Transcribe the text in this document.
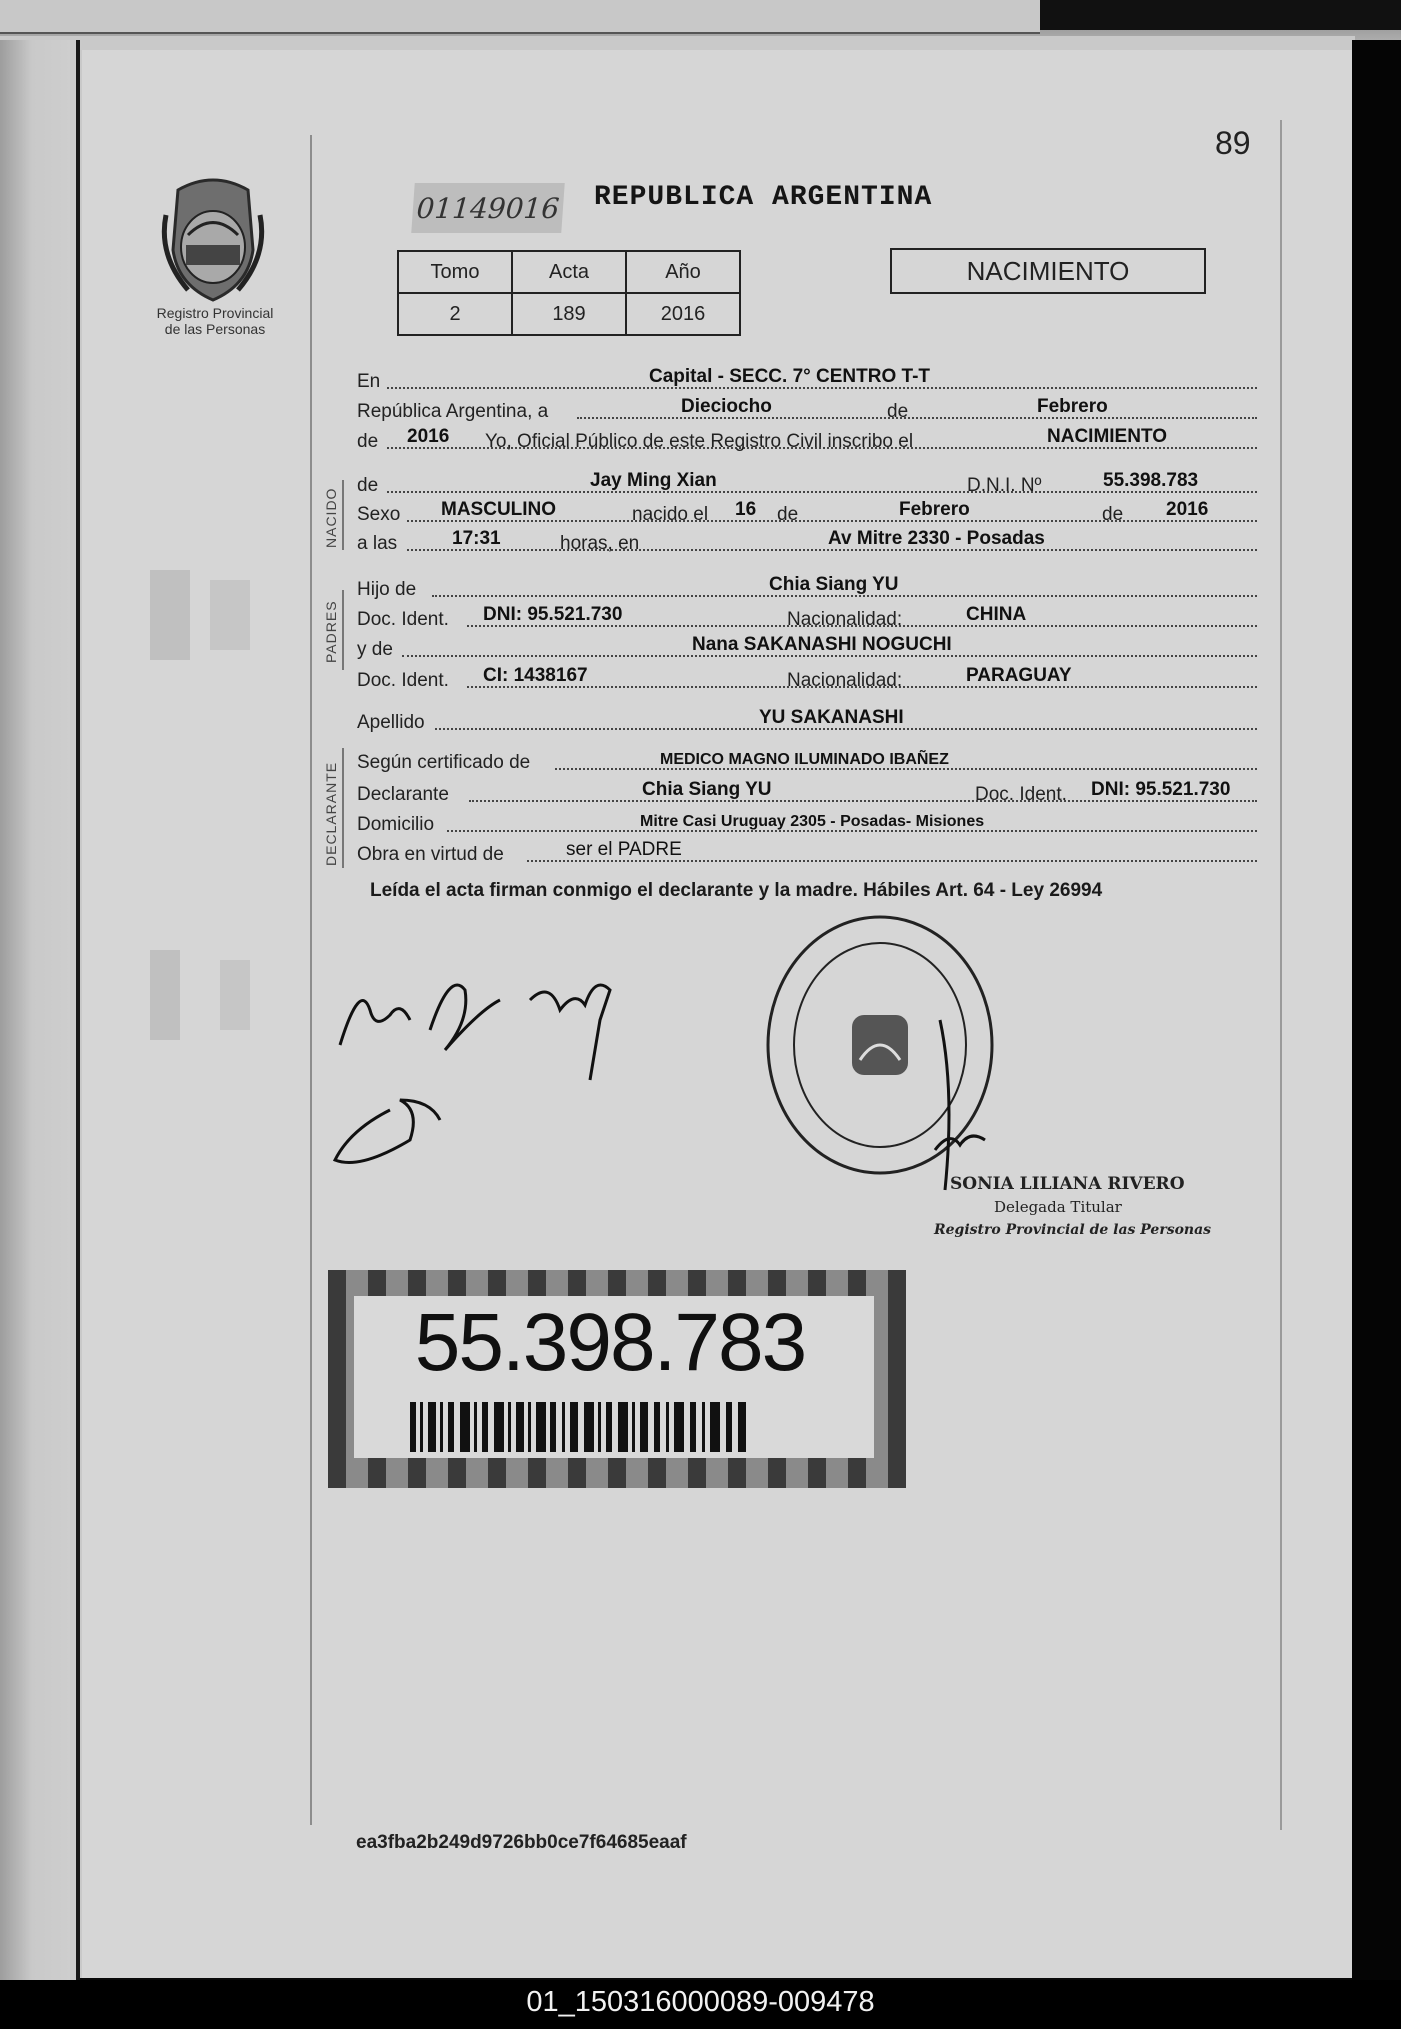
89
Registro Provincial
de las Personas
01149016 REPUBLICA ARGENTINA
Tomo	Acta	Año
2	189	2016
NACIMIENTO
NACIDO
PADRES
DECLARANTE
En	Capital - SECC. 7° CENTRO T-T
República Argentina, a	Dieciocho	de	Febrero
de 2016 Yo, Oficial Público de este Registro Civil inscribo el	NACIMIENTO
de	Jay Ming Xian	D.N.I. Nº	55.398.783
Sexo MASCULINO	nacido el 16 de	Febrero	de 2016
a las	17:31	horas, en	Av Mitre 2330 - Posadas
Hijo de	Chia Siang YU
Doc. Ident. DNI: 95.521.730	Nacionalidad:	CHINA
y de	Nana SAKANASHI NOGUCHI
Doc. Ident. CI: 1438167	Nacionalidad:	PARAGUAY
Apellido	YU SAKANASHI
Según certificado de	MEDICO MAGNO ILUMINADO IBAÑEZ
Declarante	Chia Siang YU	Doc. Ident. DNI: 95.521.730
Domicilio	Mitre Casi Uruguay 2305 - Posadas- Misiones
Obra en virtud de	ser el PADRE
Leída el acta firman conmigo el declarante y la madre. Hábiles Art. 64 - Ley 26994
SONIA LILIANA RIVERO
Delegada Titular
Registro Provincial de las Personas
55.398.783
ea3fba2b249d9726bb0ce7f64685eaaf
01_150316000089-009478
